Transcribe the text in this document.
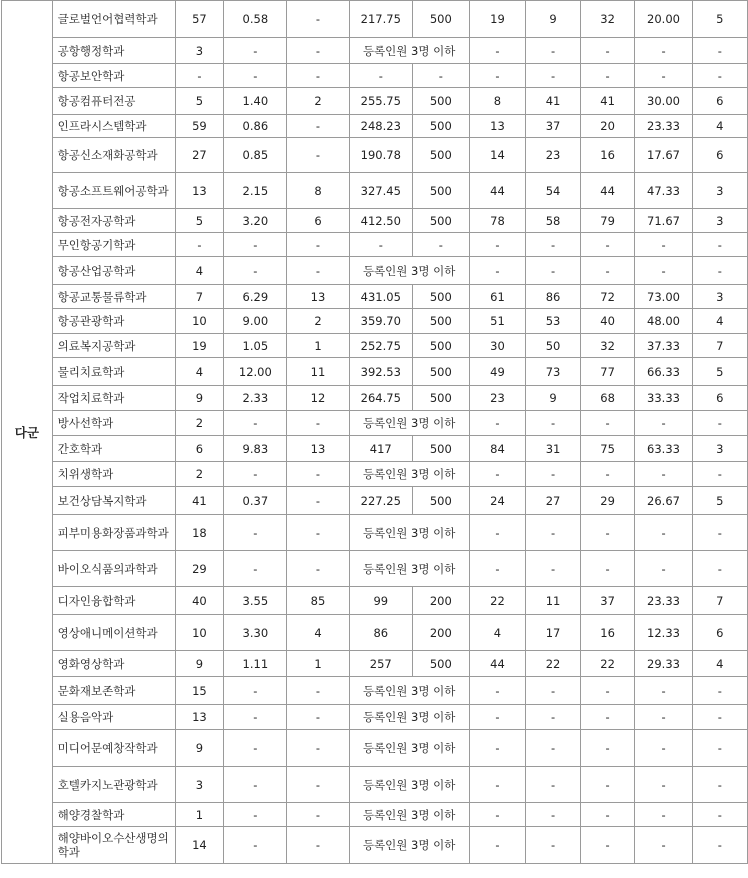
다군	글로벌언어협력학과	57	0.58	-	217.75	500	19	9	32	20.00	5
	공항행정학과	3	-	-	등록인원 3명 이하		-	-	-	-	-
	항공보안학과	-	-	-	-	-	-	-	-	-	-
	항공컴퓨터전공	5	1.40	2	255.75	500	8	41	41	30.00	6
	인프라시스템학과	59	0.86	-	248.23	500	13	37	20	23.33	4
	항공신소재화공학과	27	0.85	-	190.78	500	14	23	16	17.67	6
	항공소프트웨어공학과	13	2.15	8	327.45	500	44	54	44	47.33	3
	항공전자공학과	5	3.20	6	412.50	500	78	58	79	71.67	3
	무인항공기학과	-	-	-	-	-	-	-	-	-	-
	항공산업공학과	4	-	-	등록인원 3명 이하		-	-	-	-	-
	항공교통물류학과	7	6.29	13	431.05	500	61	86	72	73.00	3
	항공관광학과	10	9.00	2	359.70	500	51	53	40	48.00	4
	의료복지공학과	19	1.05	1	252.75	500	30	50	32	37.33	7
	물리치료학과	4	12.00	11	392.53	500	49	73	77	66.33	5
	작업치료학과	9	2.33	12	264.75	500	23	9	68	33.33	6
	방사선학과	2	-	-	등록인원 3명 이하		-	-	-	-	-
	간호학과	6	9.83	13	417	500	84	31	75	63.33	3
	치위생학과	2	-	-	등록인원 3명 이하		-	-	-	-	-
	보건상담복지학과	41	0.37	-	227.25	500	24	27	29	26.67	5
	피부미용화장품과학과	18	-	-	등록인원 3명 이하		-	-	-	-	-
	바이오식품의과학과	29	-	-	등록인원 3명 이하		-	-	-	-	-
	디자인융합학과	40	3.55	85	99	200	22	11	37	23.33	7
	영상애니메이션학과	10	3.30	4	86	200	4	17	16	12.33	6
	영화영상학과	9	1.11	1	257	500	44	22	22	29.33	4
	문화재보존학과	15	-	-	등록인원 3명 이하		-	-	-	-	-
	실용음악과	13	-	-	등록인원 3명 이하		-	-	-	-	-
	미디어문예창작학과	9	-	-	등록인원 3명 이하		-	-	-	-	-
	호텔카지노관광학과	3	-	-	등록인원 3명 이하		-	-	-	-	-
	해양경찰학과	1	-	-	등록인원 3명 이하		-	-	-	-	-
	해양바이오수산생명의학과	14	-	-	등록인원 3명 이하		-	-	-	-	-
